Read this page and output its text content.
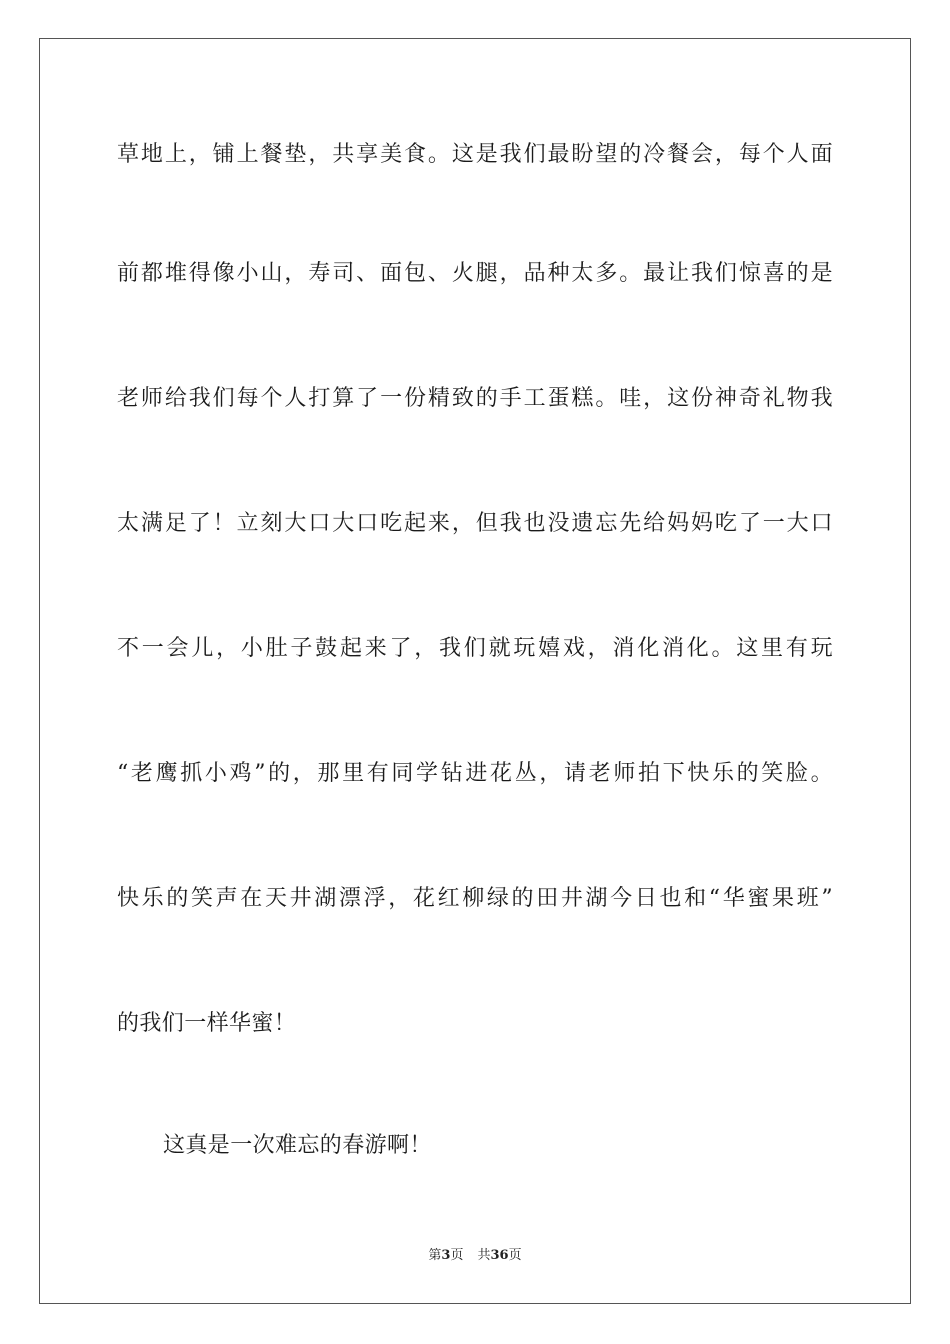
草地上，铺上餐垫，共享美食。这是我们最盼望的冷餐会，每个人面
前都堆得像小山，寿司、面包、火腿，品种太多。最让我们惊喜的是
老师给我们每个人打算了一份精致的手工蛋糕。哇，这份神奇礼物我
太满足了！立刻大口大口吃起来，但我也没遗忘先给妈妈吃了一大口
不一会儿，小肚子鼓起来了，我们就玩嬉戏，消化消化。这里有玩
“老鹰抓小鸡”的，那里有同学钻进花丛，请老师拍下快乐的笑脸。
快乐的笑声在天井湖漂浮，花红柳绿的田井湖今日也和“华蜜果班”
的我们一样华蜜！
这真是一次难忘的春游啊！
第3页 共36页
